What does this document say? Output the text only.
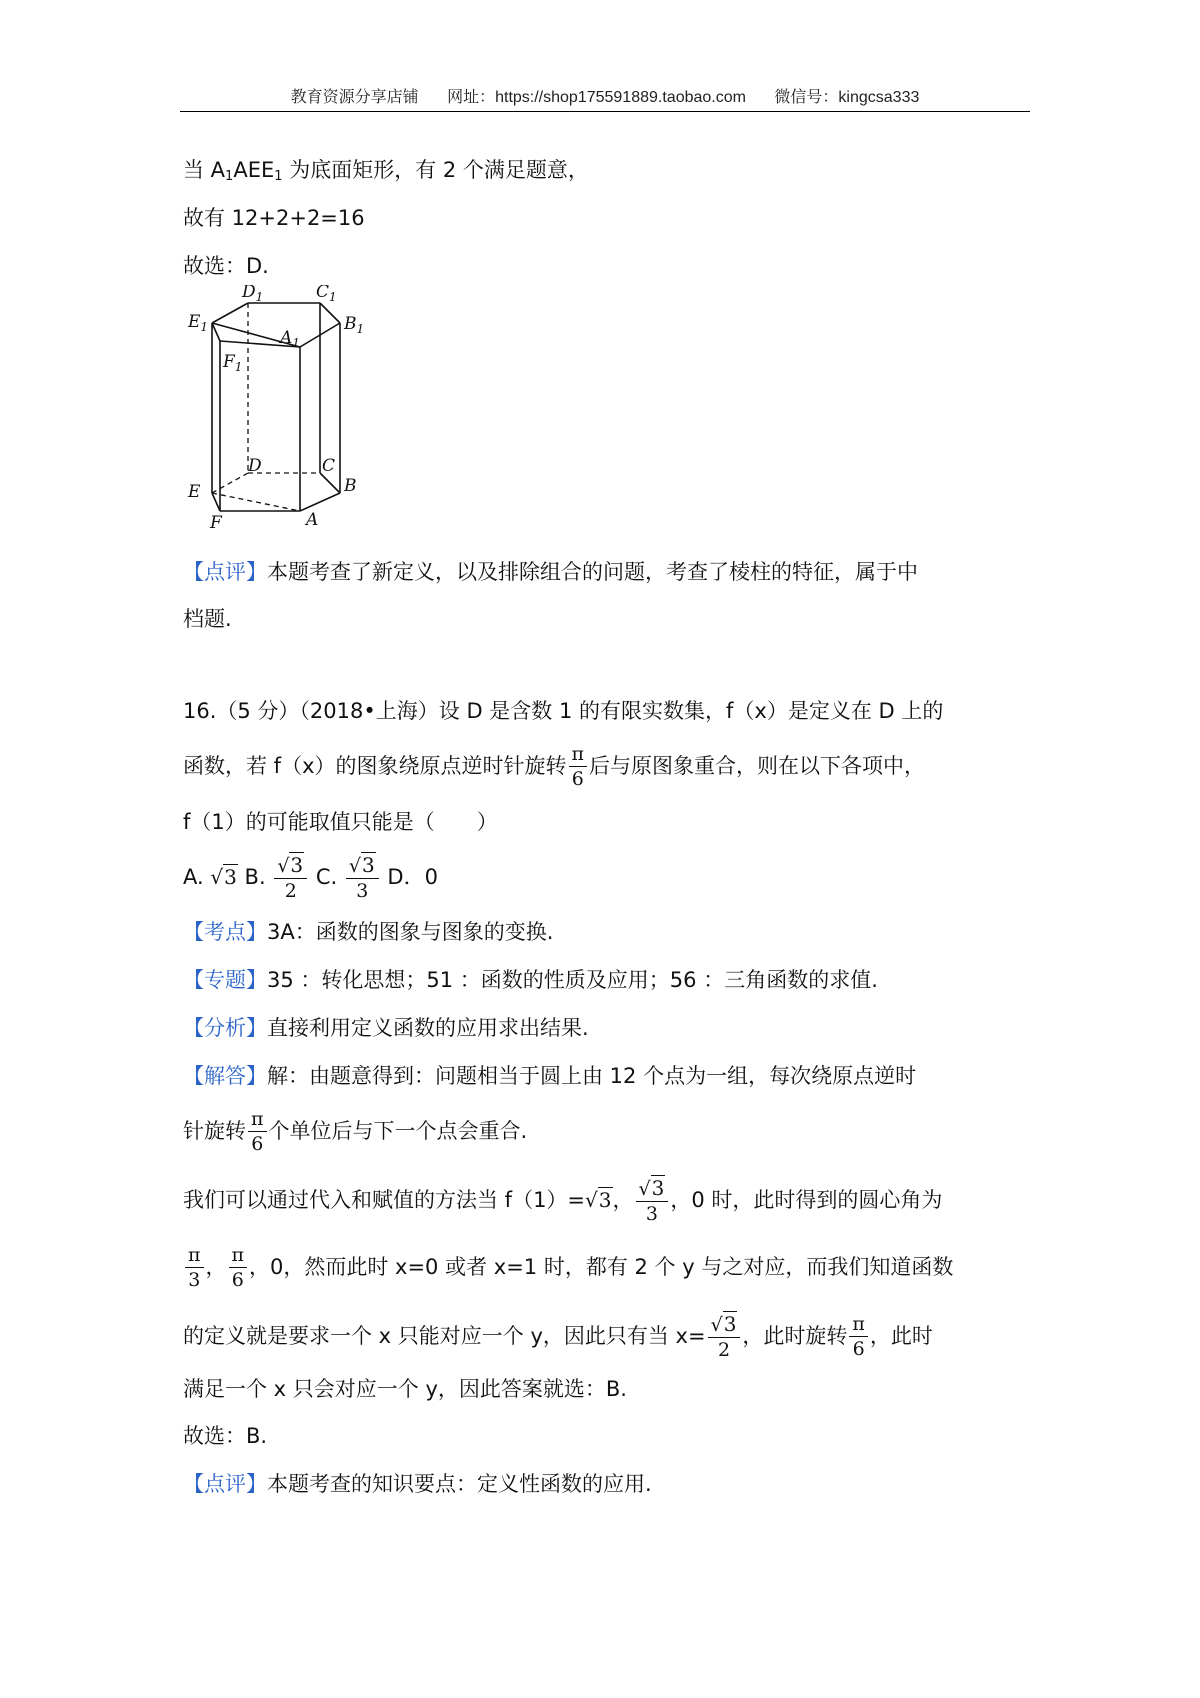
教育资源分享店铺 网址：https://shop175591889.taobao.com 微信号：kingcsa333
当 $A_1AEE_1$ 为底面矩形，有 2 个满足题意，
故有 12+2+2=16
故选：D.
$D_1$	$C_1$
$E_1$	$B_1$
$A_1$
$F_1$
D	C
E	B
A
F
【点评】本题考查了新定义，以及排除组合的问题，考查了棱柱的特征，属于中
档题.
16.（5 分）（2018•上海）设 D 是含数 1 的有限实数集，f（x）是定义在 D 上的
函数，若 f（x）的图象绕原点逆时针旋转 $\frac{\pi}{6}$ 后与原图象重合，则在以下各项中，
f（1）的可能取值只能是（　　）
A. √3 B. $\frac{√3}{2} C$. $\frac{√3}{3}$ D．0
【考点】3A：函数的图象与图象的变换.
【专题】35 ：转化思想；51 ：函数的性质及应用；56 ：三角函数的求值.
【分析】直接利用定义函数的应用求出结果.
【解答】解：由题意得到：问题相当于圆上由 12 个点为一组，每次绕原点逆时
针旋转 $\frac{\pi}{6}$ 个单位后与下一个点会重合.
我们可以通过代入和赋值的方法当 f（1）=√3， $\frac{√3}{3}$ ，0 时，此时得到的圆心角为
$\frac{\pi}{3}$ ， $\frac{\pi}{6}$ ，0，然而此时 x=0 或者 x=1 时，都有 2 个 y 与之对应，而我们知道函数
的定义就是要求一个 x 只能对应一个 y，因此只有当 $x= \frac{√3}{2}$ ，此时旋转 $\frac{\pi}{6}$ ，此时
满足一个 x 只会对应一个 y，因此答案就选：B.
故选：B.
【点评】本题考查的知识要点：定义性函数的应用.
